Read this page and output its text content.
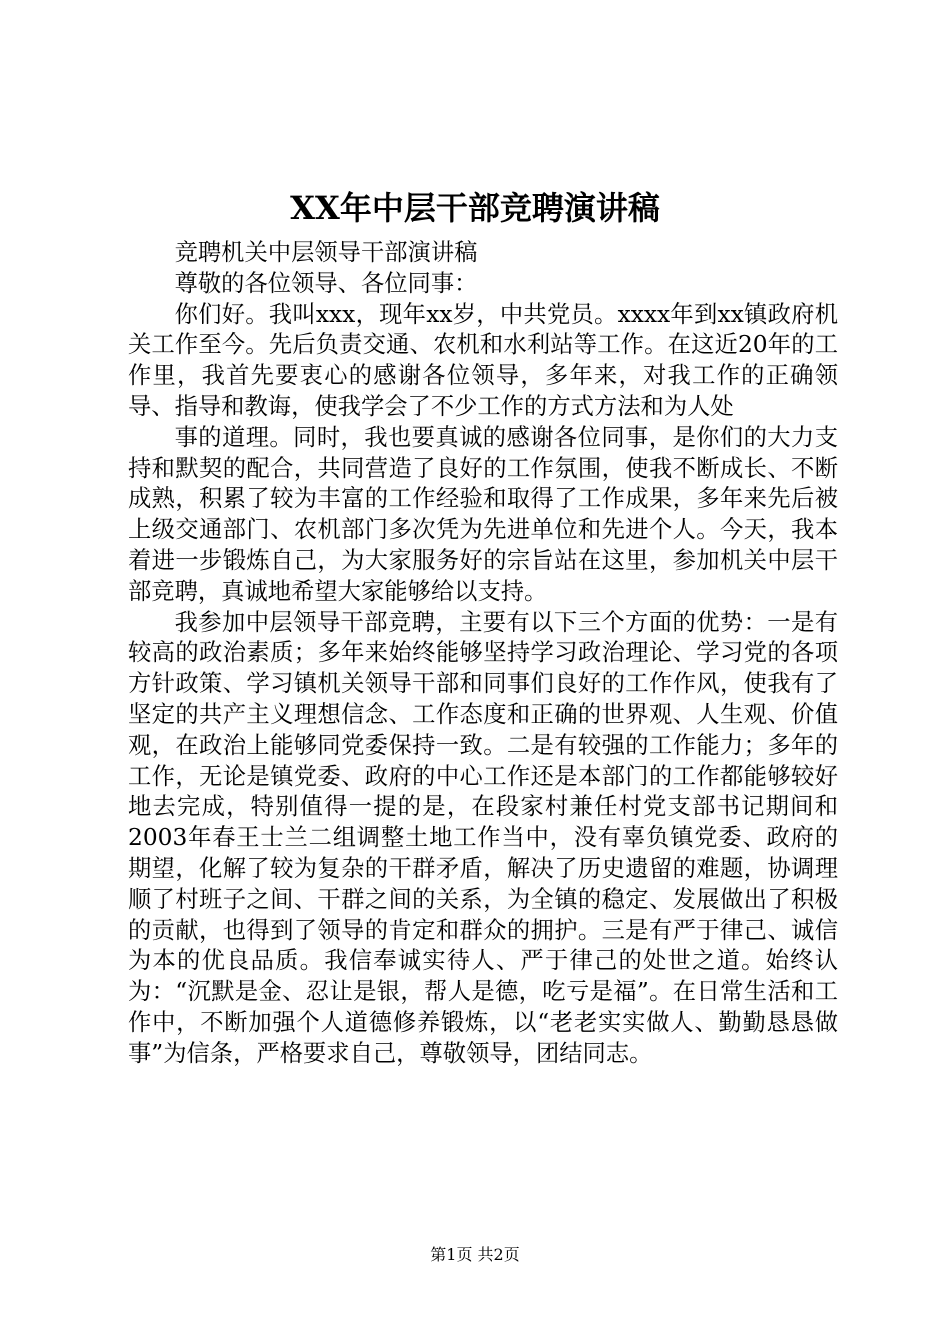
XX年中层干部竞聘演讲稿

竞聘机关中层领导干部演讲稿

尊敬的各位领导、各位同事：

你们好。我叫xxx，现年xx岁，中共党员。xxxx年到xx镇政府机关工作至今。先后负责交通、农机和水利站等工作。在这近20年的工作里，我首先要衷心的感谢各位领导，多年来，对我工作的正确领导、指导和教诲，使我学会了不少工作的方式方法和为人处

事的道理。同时，我也要真诚的感谢各位同事，是你们的大力支持和默契的配合，共同营造了良好的工作氛围，使我不断成长、不断成熟，积累了较为丰富的工作经验和取得了工作成果，多年来先后被上级交通部门、农机部门多次凭为先进单位和先进个人。今天，我本着进一步锻炼自己，为大家服务好的宗旨站在这里，参加机关中层干部竞聘，真诚地希望大家能够给以支持。

我参加中层领导干部竞聘，主要有以下三个方面的优势：一是有较高的政治素质；多年来始终能够坚持学习政治理论、学习党的各项方针政策、学习镇机关领导干部和同事们良好的工作作风，使我有了坚定的共产主义理想信念、工作态度和正确的世界观、人生观、价值观，在政治上能够同党委保持一致。二是有较强的工作能力；多年的工作，无论是镇党委、政府的中心工作还是本部门的工作都能够较好地去完成，特别值得一提的是，在段家村兼任村党支部书记期间和2003年春王士兰二组调整土地工作当中，没有辜负镇党委、政府的期望，化解了较为复杂的干群矛盾，解决了历史遗留的难题，协调理顺了村班子之间、干群之间的关系，为全镇的稳定、发展做出了积极的贡献，也得到了领导的肯定和群众的拥护。三是有严于律己、诚信为本的优良品质。我信奉诚实待人、严于律己的处世之道。始终认为：“沉默是金、忍让是银，帮人是德，吃亏是福”。在日常生活和工作中，不断加强个人道德修养锻炼，以“老老实实做人、勤勤恳恳做事”为信条，严格要求自己，尊敬领导，团结同志。

第1页 共2页
